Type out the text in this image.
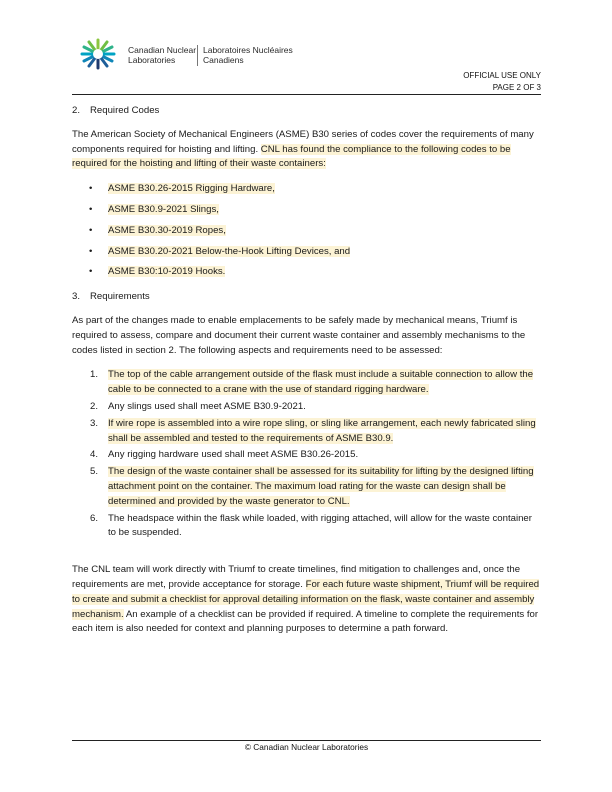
Canadian Nuclear
Laboratories
Laboratoires Nucléaires
Canadiens
OFFICIAL USE ONLY
PAGE 2 OF 3
2. Required Codes

The American Society of Mechanical Engineers (ASME) B30 series of codes cover the requirements of many components required for hoisting and lifting. CNL has found the compliance to the following codes to be required for the hoisting and lifting of their waste containers:

• ASME B30.26-2015 Rigging Hardware,
• ASME B30.9-2021 Slings,
• ASME B30.30-2019 Ropes,
• ASME B30.20-2021 Below-the-Hook Lifting Devices, and
• ASME B30:10-2019 Hooks.
3. Requirements

As part of the changes made to enable emplacements to be safely made by mechanical means, Triumf is required to assess, compare and document their current waste container and assembly mechanisms to the codes listed in section 2. The following aspects and requirements need to be assessed:

1. The top of the cable arrangement outside of the flask must include a suitable connection to allow the cable to be connected to a crane with the use of standard rigging hardware.
2. Any slings used shall meet ASME B30.9-2021.
3. If wire rope is assembled into a wire rope sling, or sling like arrangement, each newly fabricated sling shall be assembled and tested to the requirements of ASME B30.9.
4. Any rigging hardware used shall meet ASME B30.26-2015.
5. The design of the waste container shall be assessed for its suitability for lifting by the designed lifting attachment point on the container. The maximum load rating for the waste can design shall be determined and provided by the waste generator to CNL.
6. The headspace within the flask while loaded, with rigging attached, will allow for the waste container to be suspended.

The CNL team will work directly with Triumf to create timelines, find mitigation to challenges and, once the requirements are met, provide acceptance for storage. For each future waste shipment, Triumf will be required to create and submit a checklist for approval detailing information on the flask, waste container and assembly mechanism. An example of a checklist can be provided if required. A timeline to complete the requirements for each item is also needed for context and planning purposes to determine a path forward.

© Canadian Nuclear Laboratories
